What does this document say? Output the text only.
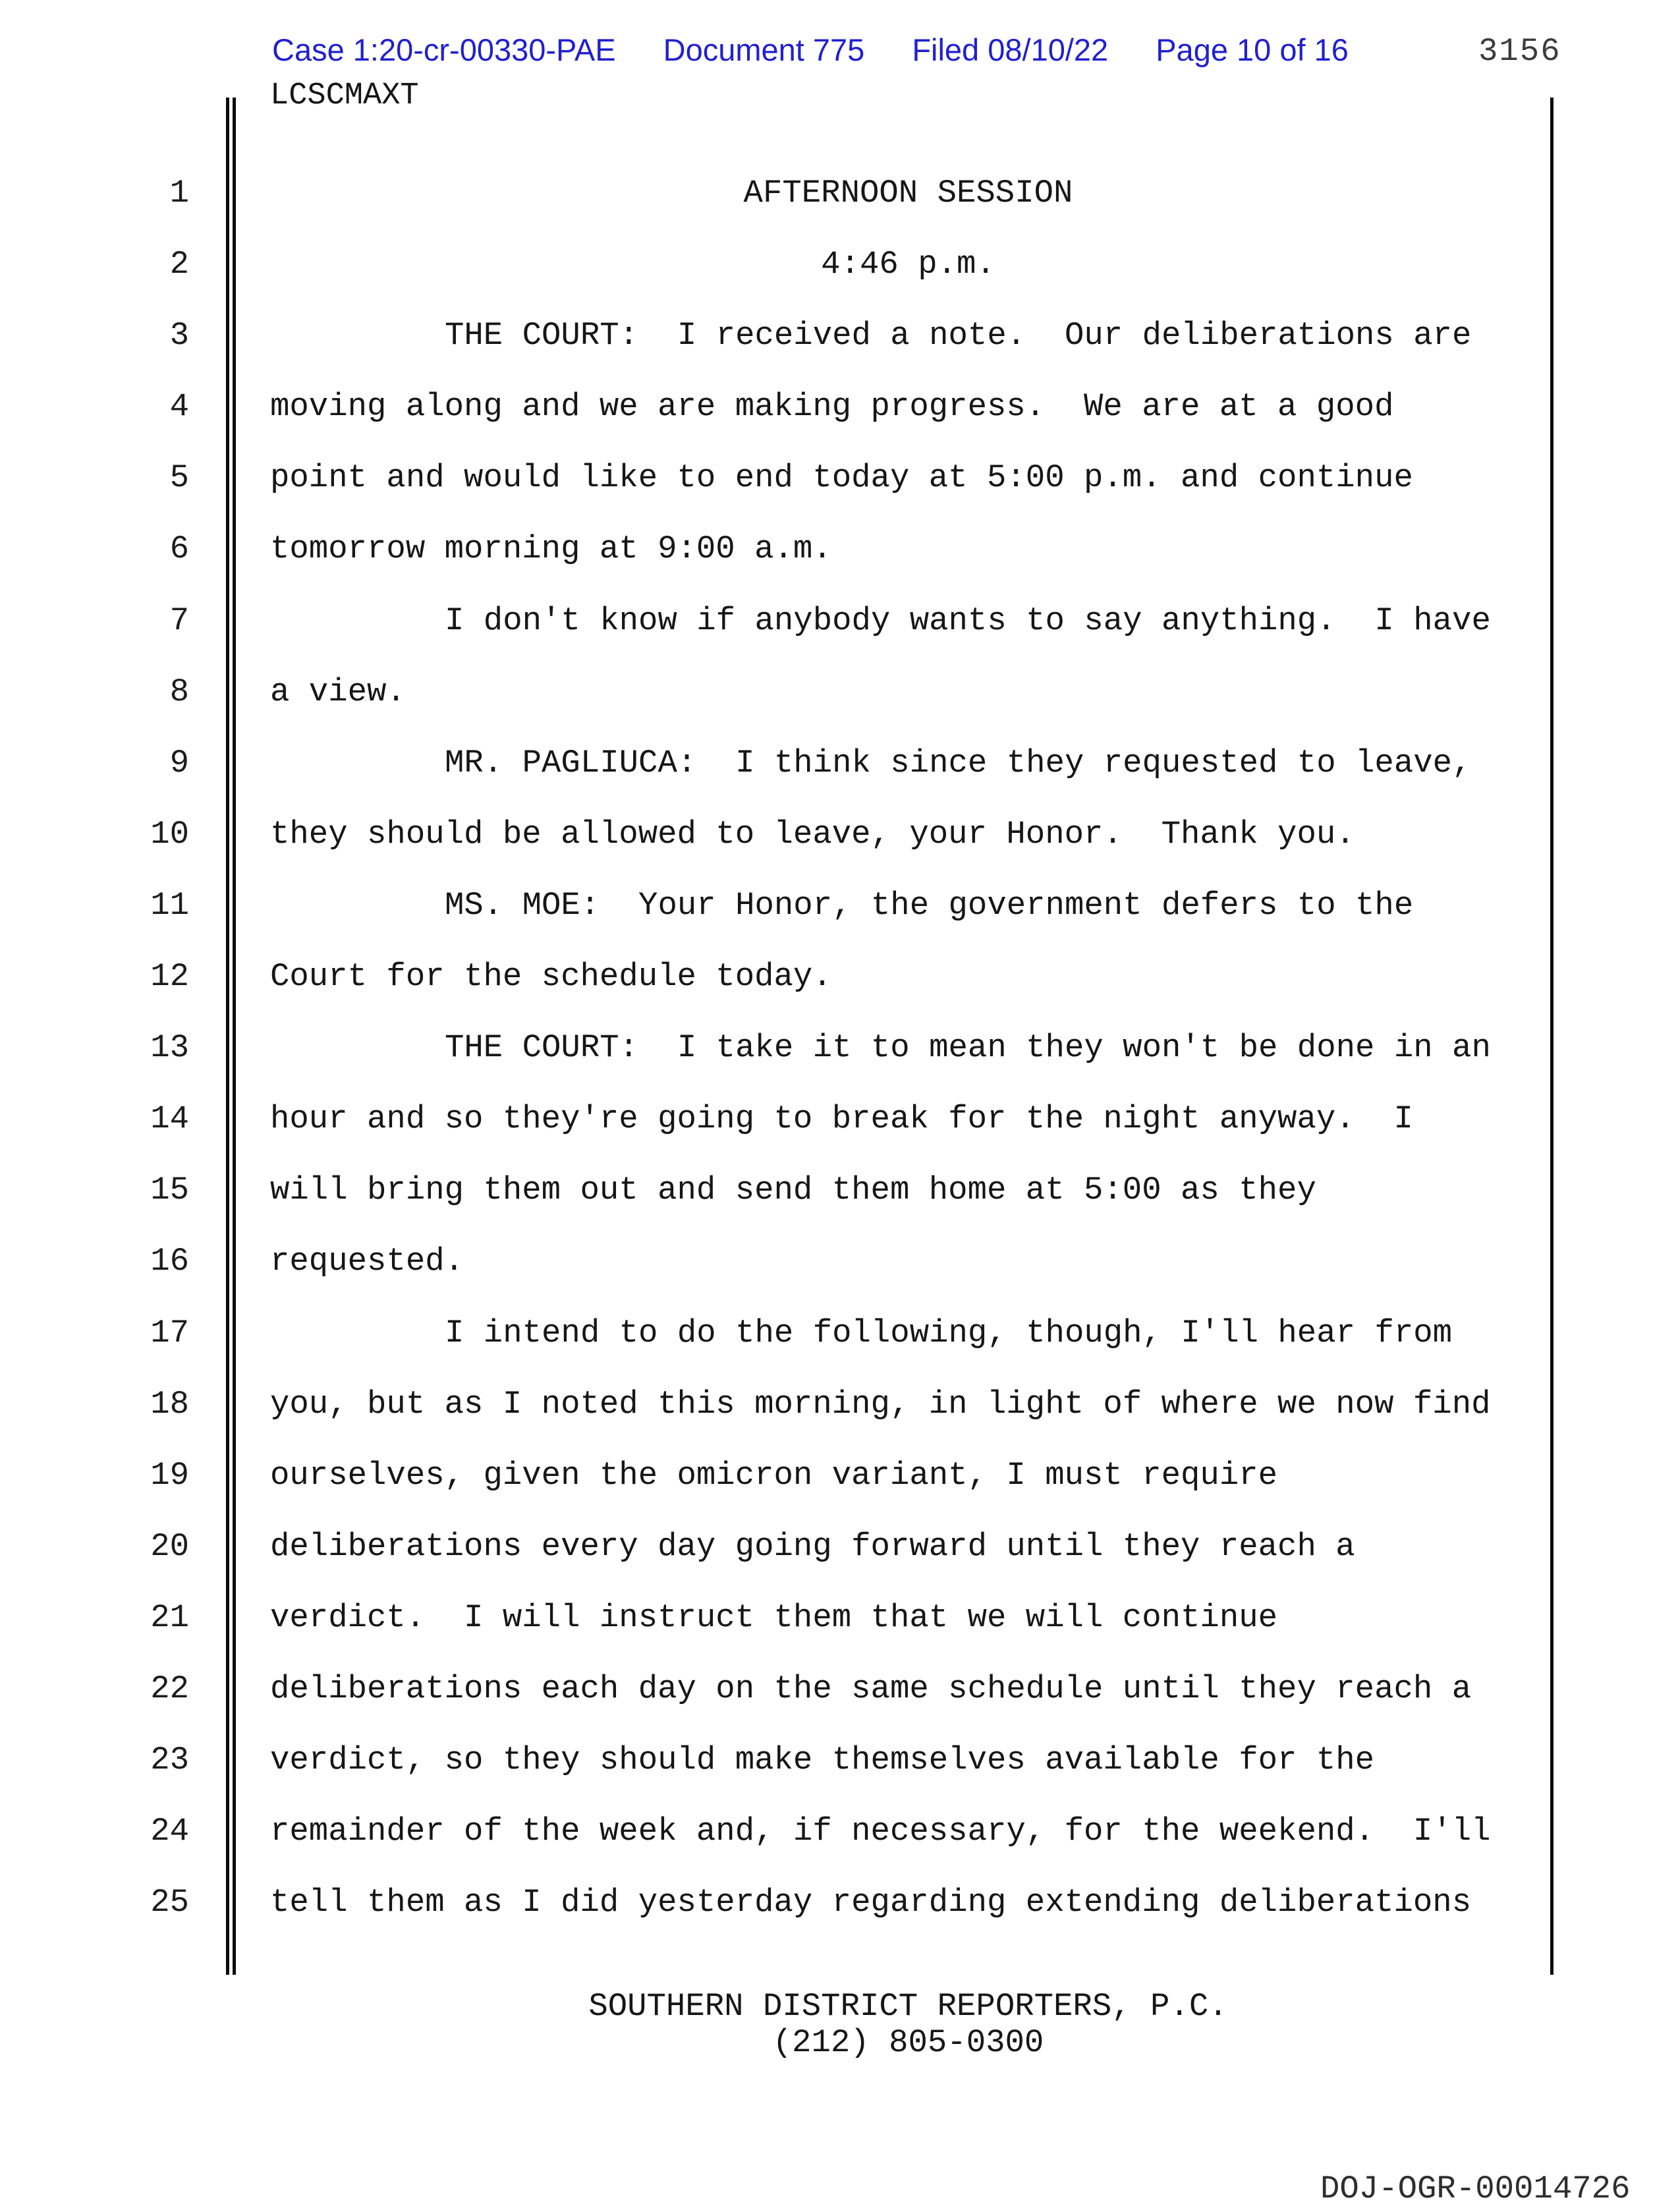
Case 1:20-cr-00330-PAE Document 775 Filed 08/10/22 Page 10 of 16	3156
LCSCMAXT
1	AFTERNOON SESSION
2	4:46 p.m.
3	THE COURT:  I received a note.  Our deliberations are
4	moving along and we are making progress.  We are at a good
5	point and would like to end today at 5:00 p.m. and continue
6	tomorrow morning at 9:00 a.m.
7	I don't know if anybody wants to say anything.  I have
8	a view.
9	MR. PAGLIUCA:  I think since they requested to leave,
10	they should be allowed to leave, your Honor.  Thank you.
11	MS. MOE:  Your Honor, the government defers to the
12	Court for the schedule today.
13	THE COURT:  I take it to mean they won't be done in an
14	hour and so they're going to break for the night anyway.  I
15	will bring them out and send them home at 5:00 as they
16	requested.
17	I intend to do the following, though, I'll hear from
18	you, but as I noted this morning, in light of where we now find
19	ourselves, given the omicron variant, I must require
20	deliberations every day going forward until they reach a
21	verdict.  I will instruct them that we will continue
22	deliberations each day on the same schedule until they reach a
23	verdict, so they should make themselves available for the
24	remainder of the week and, if necessary, for the weekend.  I'll
25	tell them as I did yesterday regarding extending deliberations
SOUTHERN DISTRICT REPORTERS, P.C.
(212) 805-0300
DOJ-OGR-00014726
